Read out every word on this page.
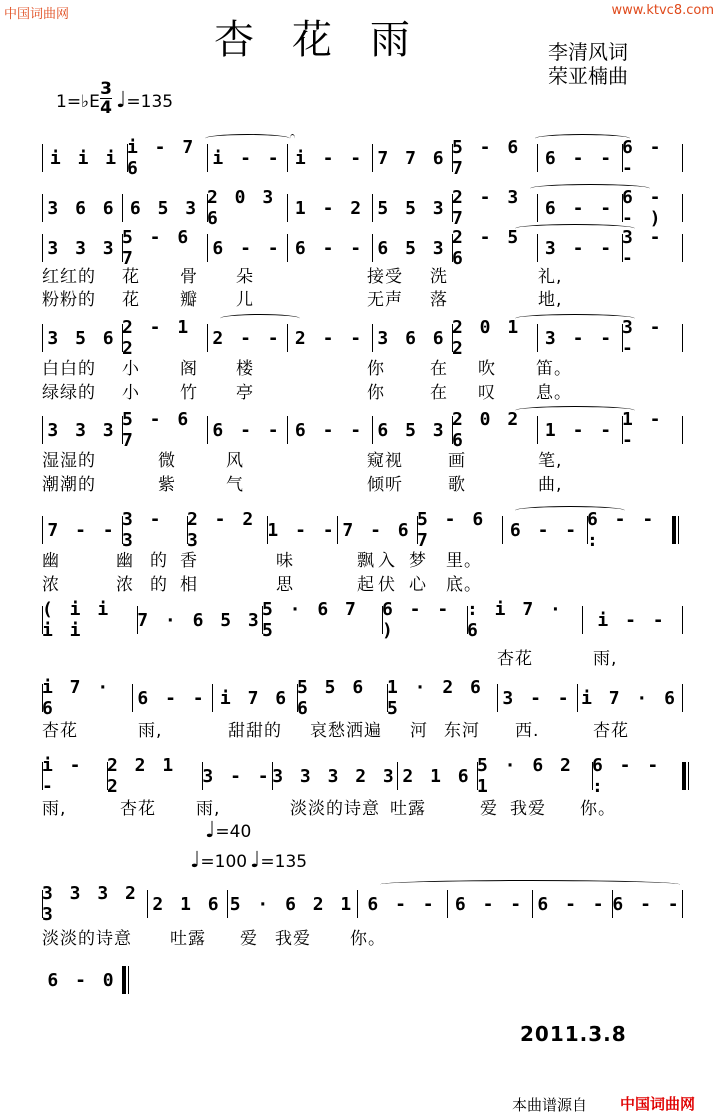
中国词曲网	www.ktvc8.com
杏花雨	李清风词
荣亚楠曲
1=♭E
3
4 ♩=135
i i i i - 7 6	i - - i - - 7 7 6 5 - 6 7	6 - - 6 - -
3 6 6 6 5 3 2 0 3 6	1 - 2 5 5 3 2 - 3 7	6 - - 6 - - )
3 3 3 5 - 6 7	6 - - 6 - - 6 5 3 2 - 5 6	3 - - 3 - -
3 5 6 2 - 1 2	2 - - 2 - - 3 6 6 2 0 1 2	3 - - 3 - -
3 3 3 5 - 6 7	6 - - 6 - - 6 5 3 2 0 2 6	1 - - 1 - -
7 - - 3 - 3
2 - 2 3	1 - - 7 - 6 5 - 6 7	6 - - 6 - - :
( i i i i	7 · 6 5 3 5 · 6 7 5
6 - - )
: i 7 · 6	i - -
i 7 · 6	6 - - i 7 6 5 5 6 6
1 · 2 6 5	3 - - i 7 · 6
i - -
2 2 1 2	3 - - 3 3 3 2 3 2 1 6 5 · 6 2 1
6 - - :
3 3 3 2 3	2 1 6 5 · 6 2 1 6 - -	6 - - 6 - - 6 - -
6 - 0
红红的 花 骨 朵	接受 洗	礼,
粉粉的 花 瓣 儿	无声 落	地,
白白的 小 阁 楼	你	在 吹 笛。
绿绿的 小 竹 亭	你	在 叹 息。
湿湿的	微	风	窥视	画	笔,
潮潮的	紫	气	倾听	歌	曲,
幽	幽 的 香	味	飘 入 梦 里。
浓	浓 的 相	思	起 伏 心 底。
杏花	雨,
杏花	雨,	甜甜的 哀愁洒遍 河 东河 西.	杏花
雨,	杏花 雨,	淡淡的诗意 吐露	爱 我爱 你。
淡淡的诗意 吐露 爱 我爱 你。
♩=40
♩=100 ♩=135
2011.3.8
本曲谱源自 中国词曲网
